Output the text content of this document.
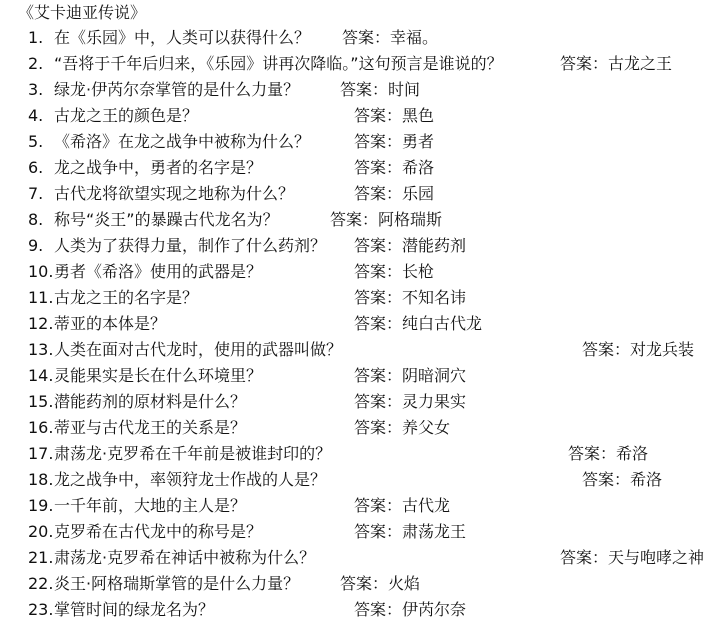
《艾卡迪亚传说》
1. 在《乐园》中，人类可以获得什么？ 答案：幸福。
2. “吾将于千年后归来，《乐园》讲再次降临。”这句预言是谁说的？	答案：古龙之王
3. 绿龙·伊芮尔奈掌管的是什么力量？	答案：时间
4. 古龙之王的颜色是？	答案：黑色
5. 《希洛》在龙之战争中被称为什么？	答案：勇者
6. 龙之战争中，勇者的名字是？	答案：希洛
7. 古代龙将欲望实现之地称为什么？	答案：乐园
8. 称号“炎王”的暴躁古代龙名为？	答案：阿格瑞斯
9. 人类为了获得力量，制作了什么药剂？ 答案：潜能药剂
10. 勇者《希洛》使用的武器是？	答案：长枪
11. 古龙之王的名字是？	答案：不知名讳
12. 蒂亚的本体是？	答案：纯白古代龙
13. 人类在面对古代龙时，使用的武器叫做？	答案：对龙兵装
14. 灵能果实是长在什么环境里？	答案：阴暗洞穴
15. 潜能药剂的原材料是什么？	答案：灵力果实
16. 蒂亚与古代龙王的关系是？	答案：养父女
17. 肃荡龙·克罗希在千年前是被谁封印的？	答案：希洛
18. 龙之战争中，率领狩龙士作战的人是？	答案：希洛
19. 一千年前，大地的主人是？	答案：古代龙
20. 克罗希在古代龙中的称号是？	答案：肃荡龙王
21. 肃荡龙·克罗希在神话中被称为什么？	答案：天与咆哮之神
22. 炎王·阿格瑞斯掌管的是什么力量？	答案：火焰
23. 掌管时间的绿龙名为？	答案：伊芮尔奈
